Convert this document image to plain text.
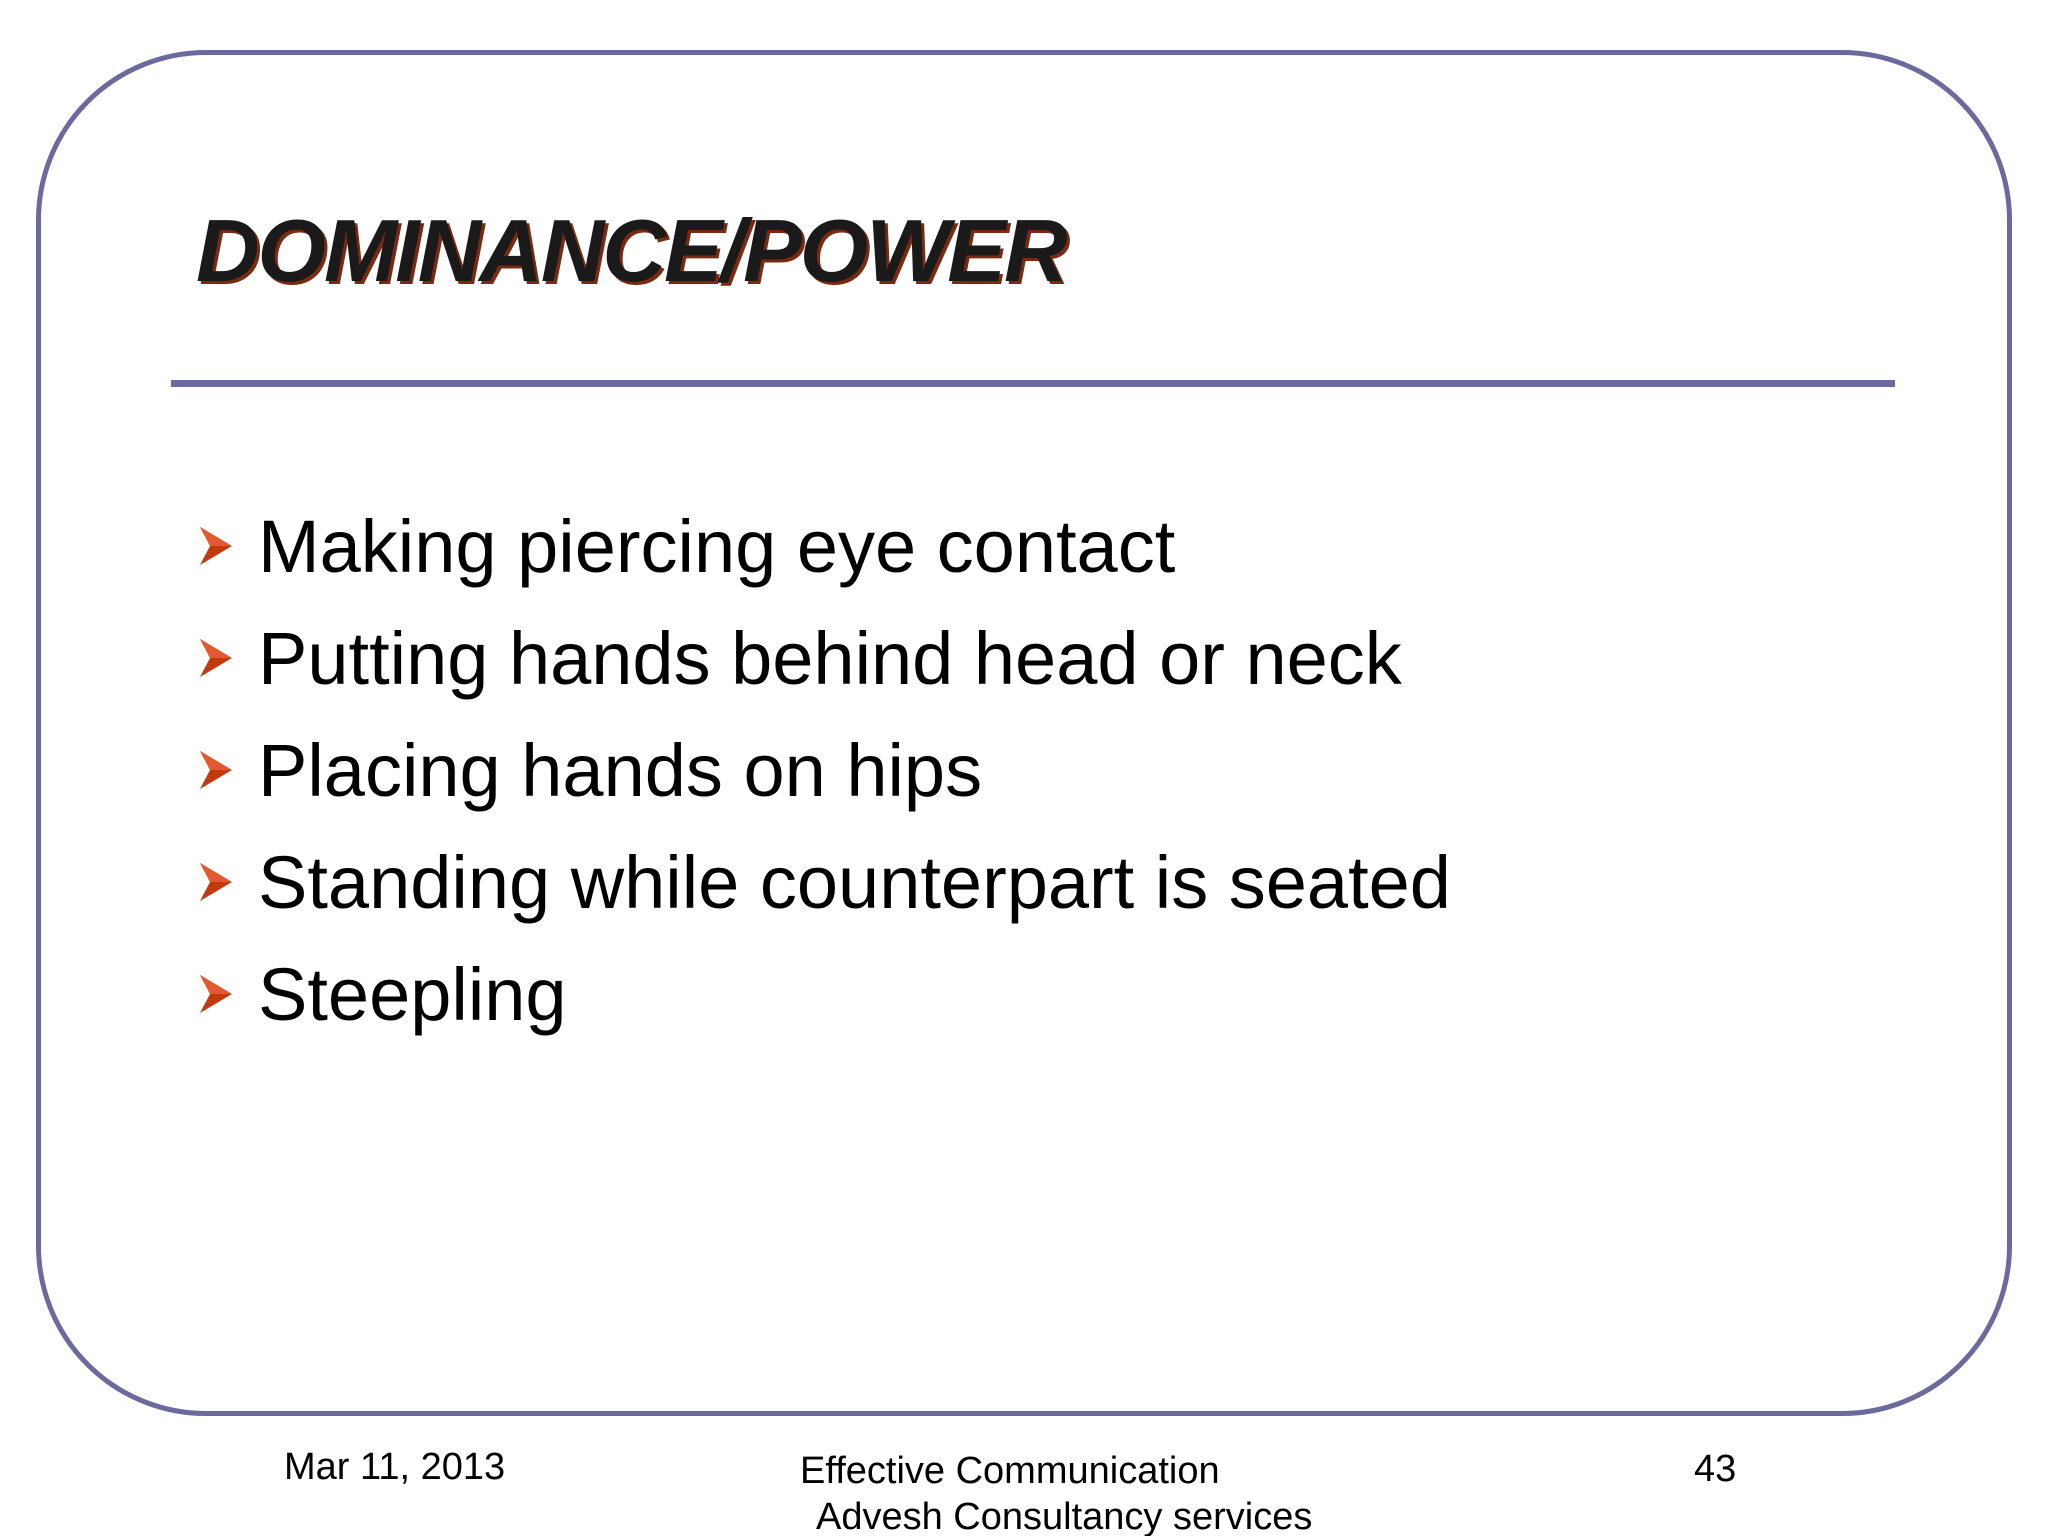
DOMINANCE/POWER
Making piercing eye contact
Putting hands behind head or neck
Placing hands on hips
Standing while counterpart is seated
Steepling
Mar 11, 2013	Effective Communication
Advesh Consultancy services
43
